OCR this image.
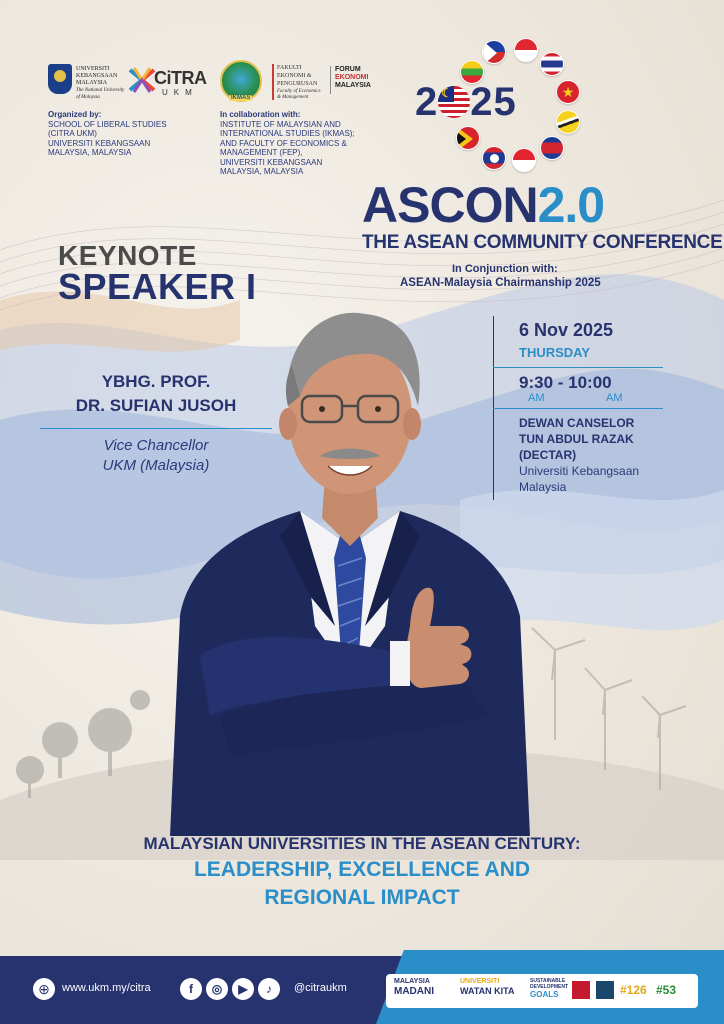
UNIVERSITI
KEBANGSAAN
MALAYSIA
The National University of Malaysia
CiTRA
UKM
IKMAS
FAKULTI
EKONOMI &
PENGURUSAN
Faculty of Economics & Management
FORUM
EKONOMI
MALAYSIA
Organized by:
SCHOOL OF LIBERAL STUDIES
(CITRA UKM)
UNIVERSITI KEBANGSAAN
MALAYSIA, MALAYSIA
In collaboration with:
INSTITUTE OF MALAYSIAN AND
INTERNATIONAL STUDIES (IKMAS);
AND FACULTY OF ECONOMICS &
MANAGEMENT (FEP),
UNIVERSITI KEBANGSAAN
MALAYSIA, MALAYSIA
★
2☾ 25
ASCON2.0
THE ASEAN COMMUNITY CONFERENCE
In Conjunction with:
ASEAN-Malaysia Chairmanship 2025
KEYNOTE
SPEAKER I
YBHG. PROF.
DR. SUFIAN JUSOH
Vice Chancellor
UKM (Malaysia)
6 Nov 2025
THURSDAY
9:30 - 10:00
AM	AM
DEWAN CANSELOR
TUN ABDUL RAZAK
(DECTAR)
Universiti Kebangsaan
Malaysia
MALAYSIAN UNIVERSITIES IN THE ASEAN CENTURY:
LEADERSHIP, EXCELLENCE AND
REGIONAL IMPACT
⊕	www.ukm.my/citra	f	◎	▶	♪	@citraukm
MALAYSIA
MADANI
UNIVERSITI
WATAN KITA
SUSTAINABLE
DEVELOPMENT
GOALS	#126 #53
